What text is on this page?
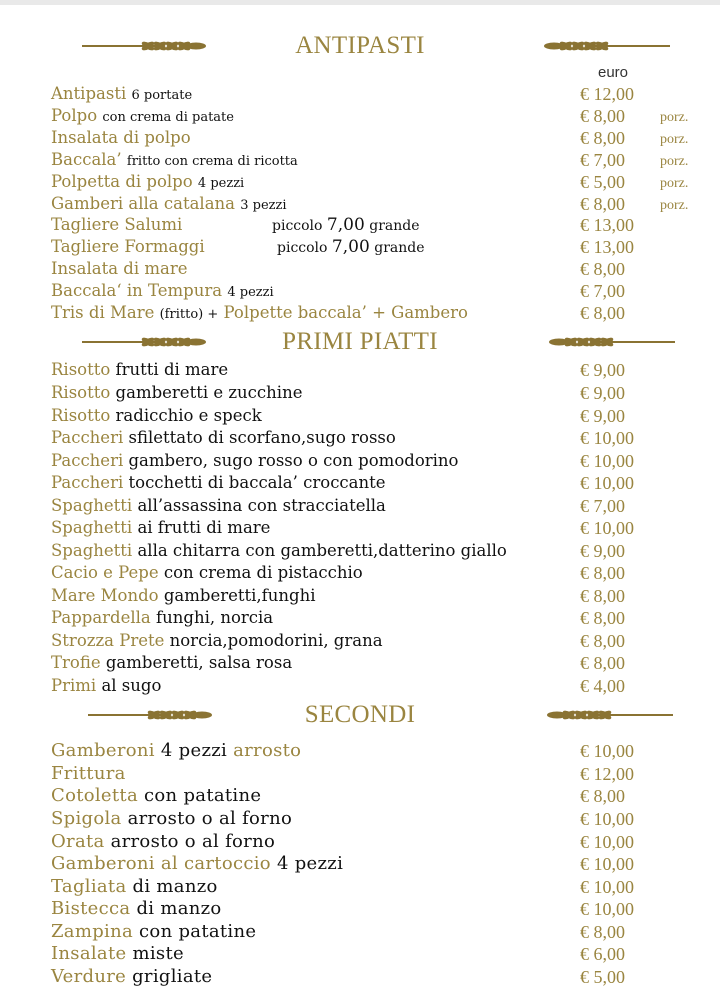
ANTIPASTI
euro
Antipasti 6 portate	€ 12,00
Polpo con crema di patate	€ 8,00	porz.
Insalata di polpo	€ 8,00	porz.
Baccala’ fritto con crema di ricotta	€ 7,00	porz.
Polpetta di polpo 4 pezzi	€ 5,00	porz.
Gamberi alla catalana 3 pezzi	€ 8,00	porz.
Tagliere Salumi	piccolo 7,00 grande	€ 13,00
Tagliere Formaggi	piccolo 7,00 grande	€ 13,00
Insalata di mare	€ 8,00
Baccala‘ in Tempura 4 pezzi	€ 7,00
Tris di Mare (fritto) + Polpette baccala’ + Gambero	€ 8,00
PRIMI PIATTI
Risotto frutti di mare	€ 9,00
Risotto gamberetti e zucchine	€ 9,00
Risotto radicchio e speck	€ 9,00
Paccheri sfilettato di scorfano,sugo rosso	€ 10,00
Paccheri gambero, sugo rosso o con pomodorino	€ 10,00
Paccheri tocchetti di baccala’ croccante	€ 10,00
Spaghetti all’assassina con stracciatella	€ 7,00
Spaghetti ai frutti di mare	€ 10,00
Spaghetti alla chitarra con gamberetti,datterino giallo	€ 9,00
Cacio e Pepe con crema di pistacchio	€ 8,00
Mare Mondo gamberetti,funghi	€ 8,00
Pappardella funghi, norcia	€ 8,00
Strozza Prete norcia,pomodorini, grana	€ 8,00
Trofie gamberetti, salsa rosa	€ 8,00
Primi al sugo	€ 4,00
SECONDI
Gamberoni 4 pezzi arrosto	€ 10,00
Frittura	€ 12,00
Cotoletta con patatine	€ 8,00
Spigola arrosto o al forno	€ 10,00
Orata arrosto o al forno	€ 10,00
Gamberoni al cartoccio 4 pezzi	€ 10,00
Tagliata di manzo	€ 10,00
Bistecca di manzo	€ 10,00
Zampina con patatine	€ 8,00
Insalate miste	€ 6,00
Verdure grigliate	€ 5,00
